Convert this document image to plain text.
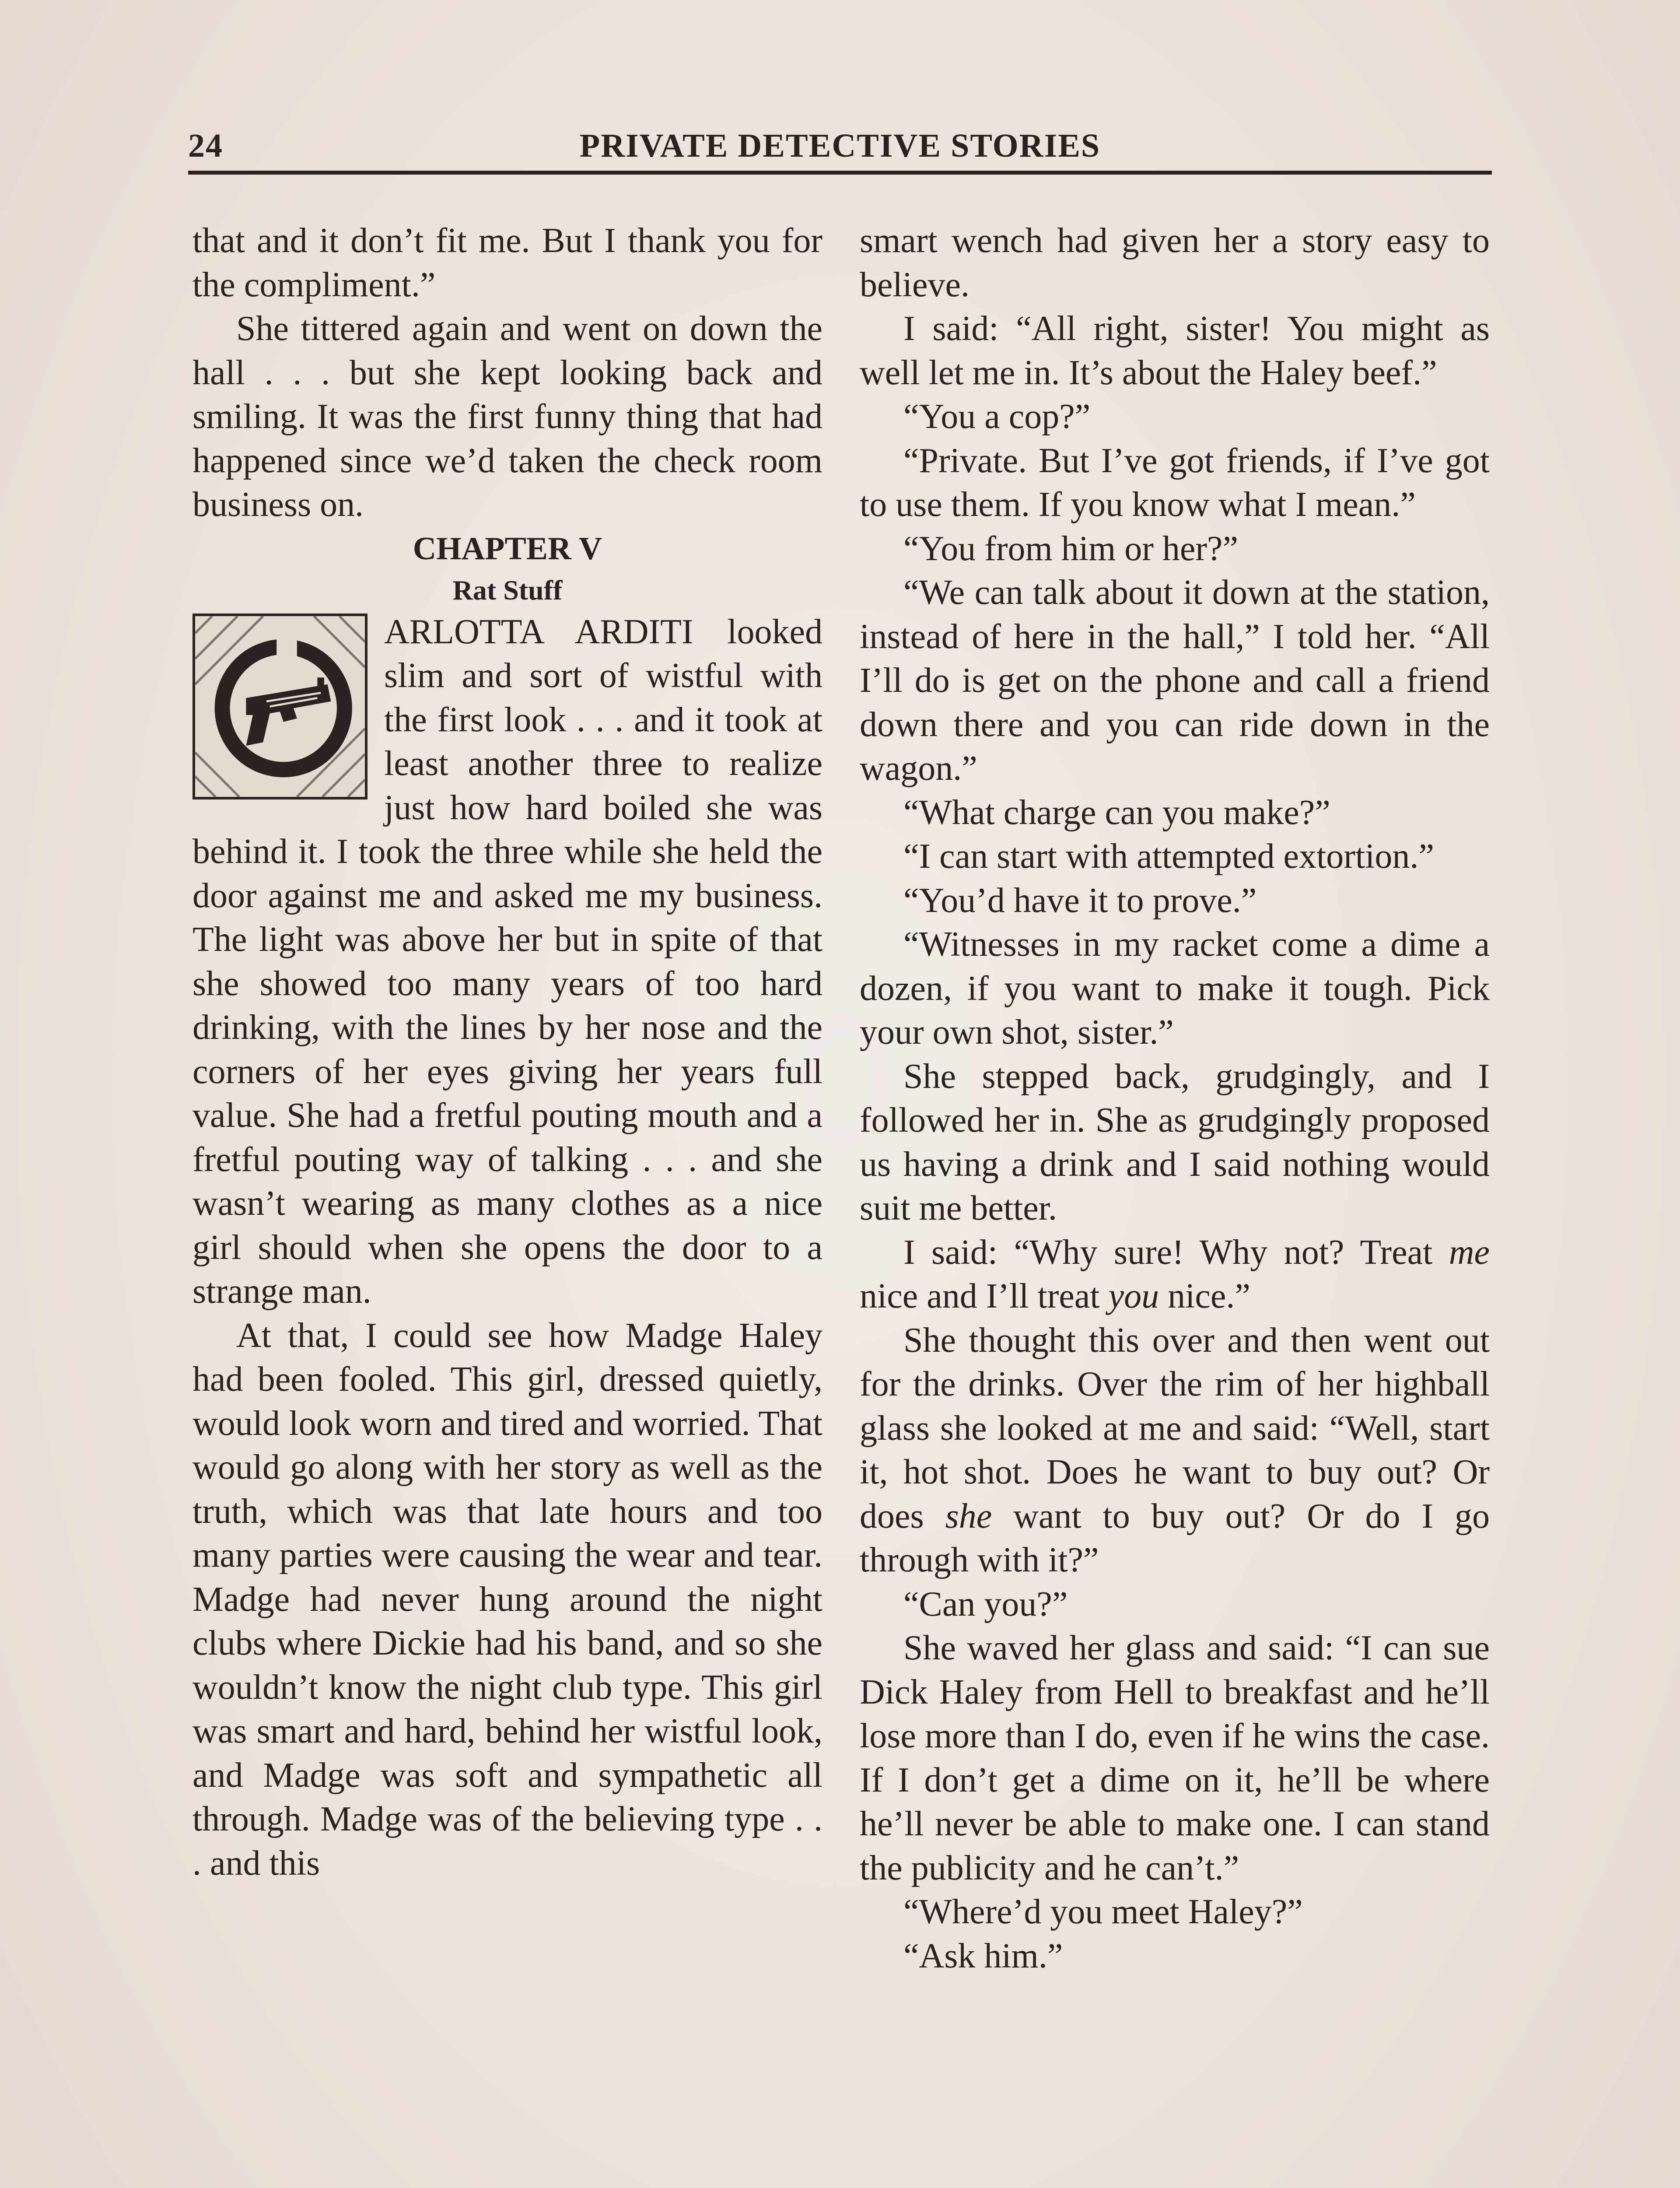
24	PRIVATE DETECTIVE STORIES

that and it don’t fit me. But I thank you for the compliment.”

She tittered again and went on down the hall . . . but she kept looking back and smiling. It was the first funny thing that had happened since we’d taken the check room business on.

CHAPTER V

Rat Stuff

ARLOTTA ARDITI looked slim and sort of wistful with the first look . . . and it took at least another three to realize just how hard boiled she was behind it. I took the three while she held the door against me and asked me my business. The light was above her but in spite of that she showed too many years of too hard drinking, with the lines by her nose and the corners of her eyes giving her years full value. She had a fretful pouting mouth and a fretful pouting way of talking . . . and she wasn’t wearing as many clothes as a nice girl should when she opens the door to a strange man.

At that, I could see how Madge Haley had been fooled. This girl, dressed quietly, would look worn and tired and worried. That would go along with her story as well as the truth, which was that late hours and too many parties were causing the wear and tear. Madge had never hung around the night clubs where Dickie had his band, and so she wouldn’t know the night club type. This girl was smart and hard, behind her wistful look, and Madge was soft and sympathetic all through. Madge was of the believing type . . . and this

smart wench had given her a story easy to believe.

I said: “All right, sister! You might as well let me in. It’s about the Haley beef.”

“You a cop?”

“Private. But I’ve got friends, if I’ve got to use them. If you know what I mean.”

“You from him or her?”

“We can talk about it down at the station, instead of here in the hall,” I told her. “All I’ll do is get on the phone and call a friend down there and you can ride down in the wagon.”

“What charge can you make?”

“I can start with attempted extortion.”

“You’d have it to prove.”

“Witnesses in my racket come a dime a dozen, if you want to make it tough. Pick your own shot, sister.”

She stepped back, grudgingly, and I followed her in. She as grudgingly proposed us having a drink and I said nothing would suit me better.

I said: “Why sure! Why not? Treat me nice and I’ll treat you nice.”

She thought this over and then went out for the drinks. Over the rim of her highball glass she looked at me and said: “Well, start it, hot shot. Does he want to buy out? Or does she want to buy out? Or do I go through with it?”

“Can you?”

She waved her glass and said: “I can sue Dick Haley from Hell to breakfast and he’ll lose more than I do, even if he wins the case. If I don’t get a dime on it, he’ll be where he’ll never be able to make one. I can stand the publicity and he can’t.”

“Where’d you meet Haley?”

“Ask him.”
